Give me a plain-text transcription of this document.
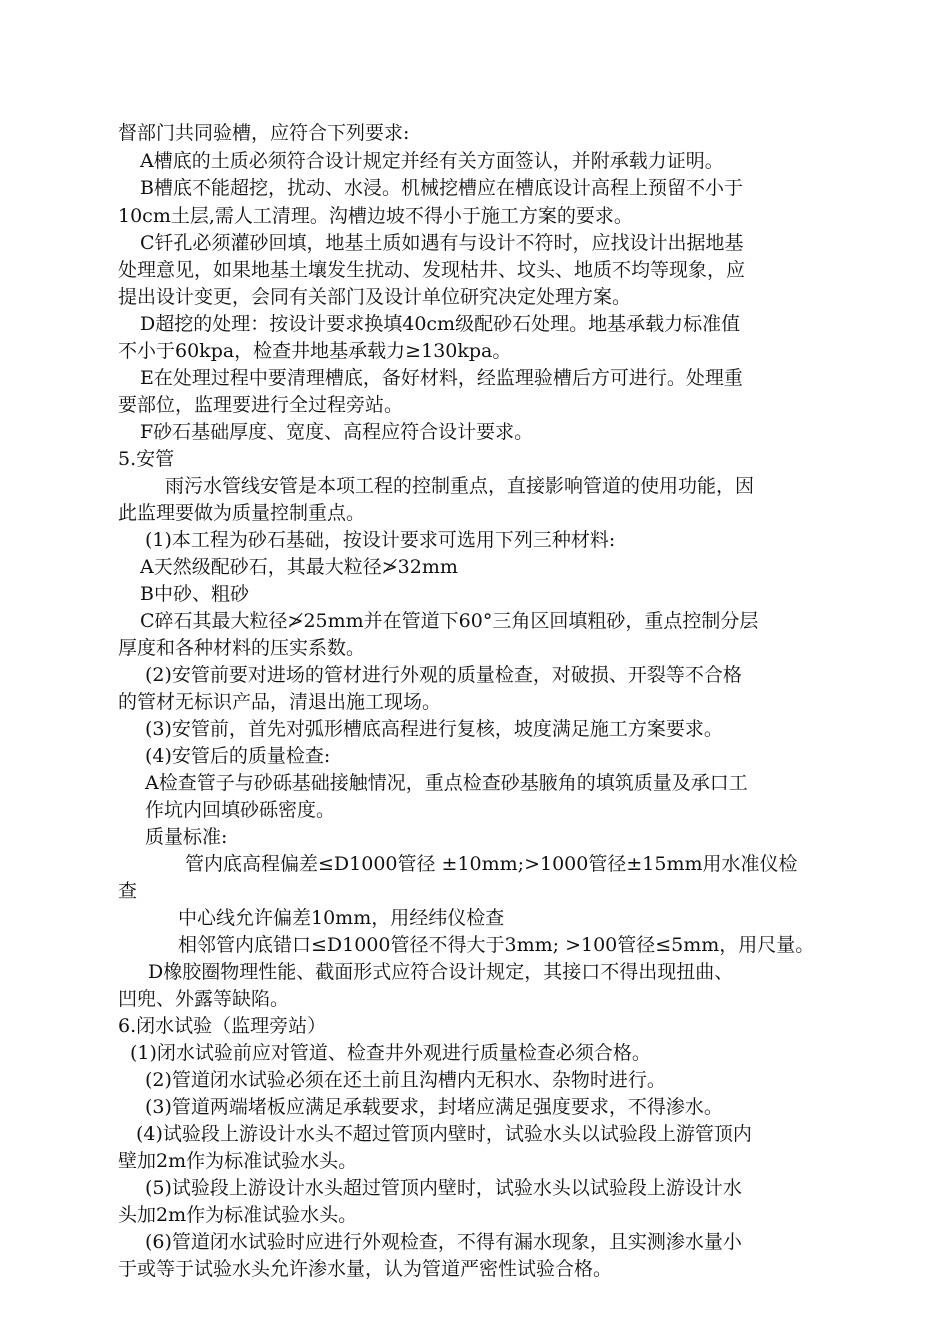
督部门共同验槽，应符合下列要求:
A槽底的土质必须符合设计规定并经有关方面签认，并附承载力证明。
B槽底不能超挖，扰动、水浸。机械挖槽应在槽底设计高程上预留不小于
10cm土层,需人工清理。沟槽边坡不得小于施工方案的要求。
C钎孔必须灌砂回填，地基土质如遇有与设计不符时，应找设计出据地基
处理意见，如果地基土壤发生扰动、发现枯井、坟头、地质不均等现象，应
提出设计变更，会同有关部门及设计单位研究决定处理方案。
D超挖的处理：按设计要求换填40cm级配砂石处理。地基承载力标准值
不小于60kpa，检查井地基承载力≥130kpa。
E在处理过程中要清理槽底，备好材料，经监理验槽后方可进行。处理重
要部位，监理要进行全过程旁站。
F砂石基础厚度、宽度、高程应符合设计要求。
5.安管
雨污水管线安管是本项工程的控制重点，直接影响管道的使用功能，因
此监理要做为质量控制重点。
(1)本工程为砂石基础，按设计要求可选用下列三种材料:
A天然级配砂石，其最大粒径≯32mm
B中砂、粗砂
C碎石其最大粒径≯25mm并在管道下60°三角区回填粗砂，重点控制分层
厚度和各种材料的压实系数。
(2)安管前要对进场的管材进行外观的质量检查，对破损、开裂等不合格
的管材无标识产品，清退出施工现场。
(3)安管前，首先对弧形槽底高程进行复核，坡度满足施工方案要求。
(4)安管后的质量检查:
A检查管子与砂砾基础接触情况，重点检查砂基腋角的填筑质量及承口工
作坑内回填砂砾密度。
质量标准:
管内底高程偏差≤D1000管径 ±10mm;>1000管径±15mm用水准仪检
查
中心线允许偏差10mm，用经纬仪检查
相邻管内底错口≤D1000管径不得大于3mm; >100管径≤5mm，用尺量。
D橡胶圈物理性能、截面形式应符合设计规定，其接口不得出现扭曲、
凹兜、外露等缺陷。
6.闭水试验（监理旁站）
(1)闭水试验前应对管道、检查井外观进行质量检查必须合格。
(2)管道闭水试验必须在还土前且沟槽内无积水、杂物时进行。
(3)管道两端堵板应满足承载要求，封堵应满足强度要求，不得渗水。
(4)试验段上游设计水头不超过管顶内壁时，试验水头以试验段上游管顶内
壁加2m作为标准试验水头。
(5)试验段上游设计水头超过管顶内壁时，试验水头以试验段上游设计水
头加2m作为标准试验水头。
(6)管道闭水试验时应进行外观检查，不得有漏水现象，且实测渗水量小
于或等于试验水头允许渗水量，认为管道严密性试验合格。
